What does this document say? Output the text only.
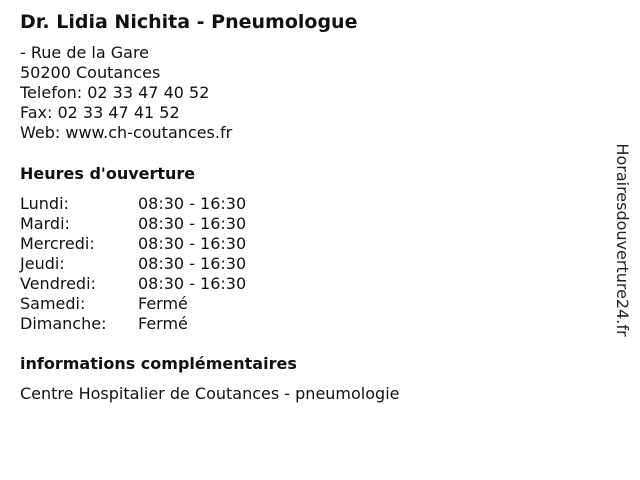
Dr. Lidia Nichita - Pneumologue
- Rue de la Gare
50200 Coutances
Telefon: 02 33 47 40 52
Fax: 02 33 47 41 52
Web: www.ch-coutances.fr
Heures d'ouverture
Lundi:	08:30 - 16:30
Mardi:	08:30 - 16:30
Mercredi:	08:30 - 16:30
Jeudi:	08:30 - 16:30
Vendredi:	08:30 - 16:30
Samedi:	Fermé
Dimanche:	Fermé
informations complémentaires
Centre Hospitalier de Coutances - pneumologie
Horairesdouverture24.fr
